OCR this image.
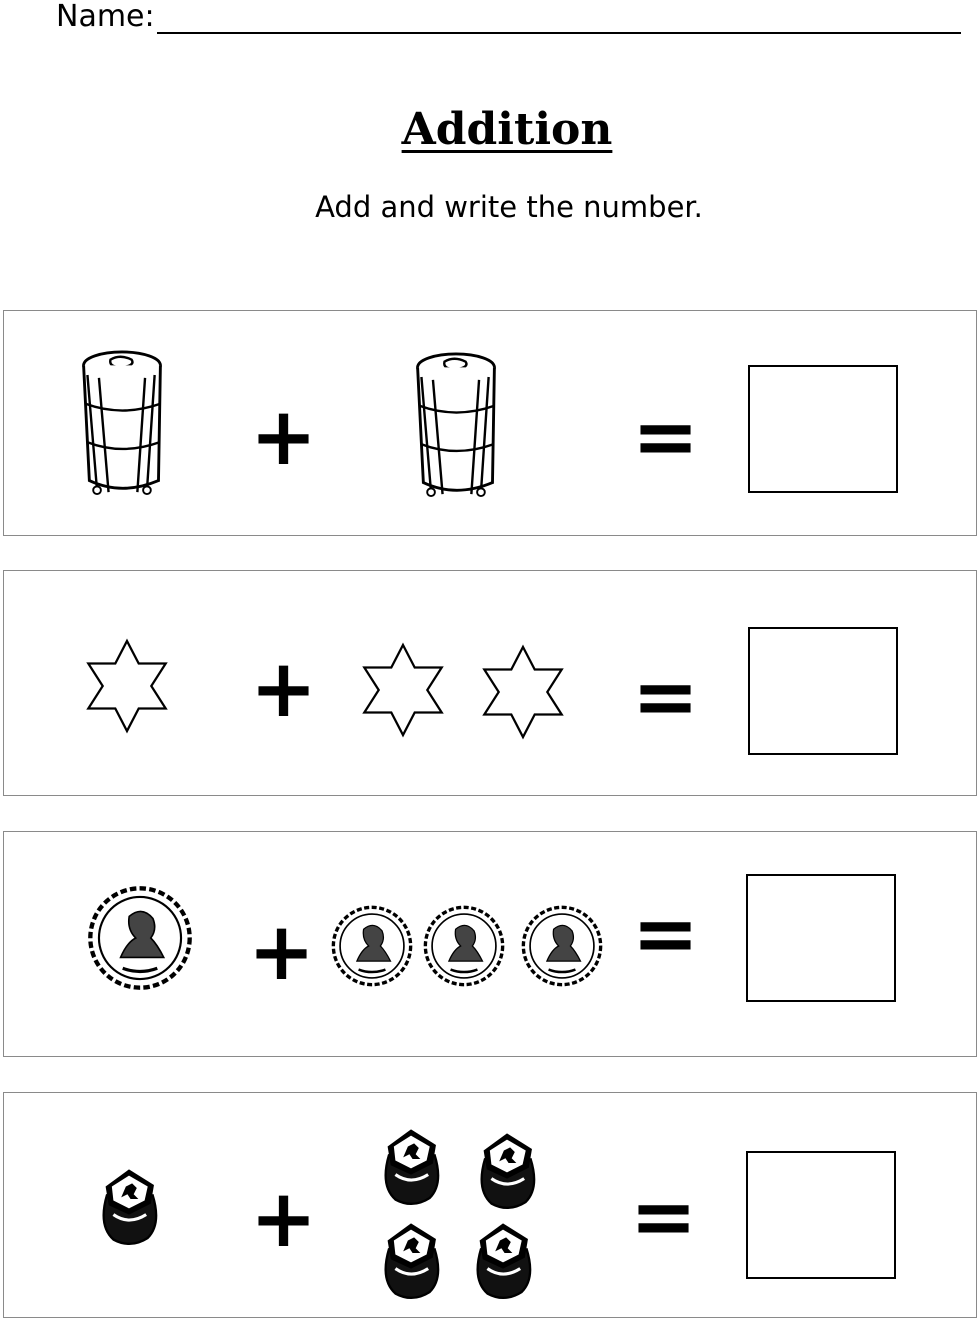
Name:
Addition
Add and write the number.
+	=
+	=
+	=
+	=
